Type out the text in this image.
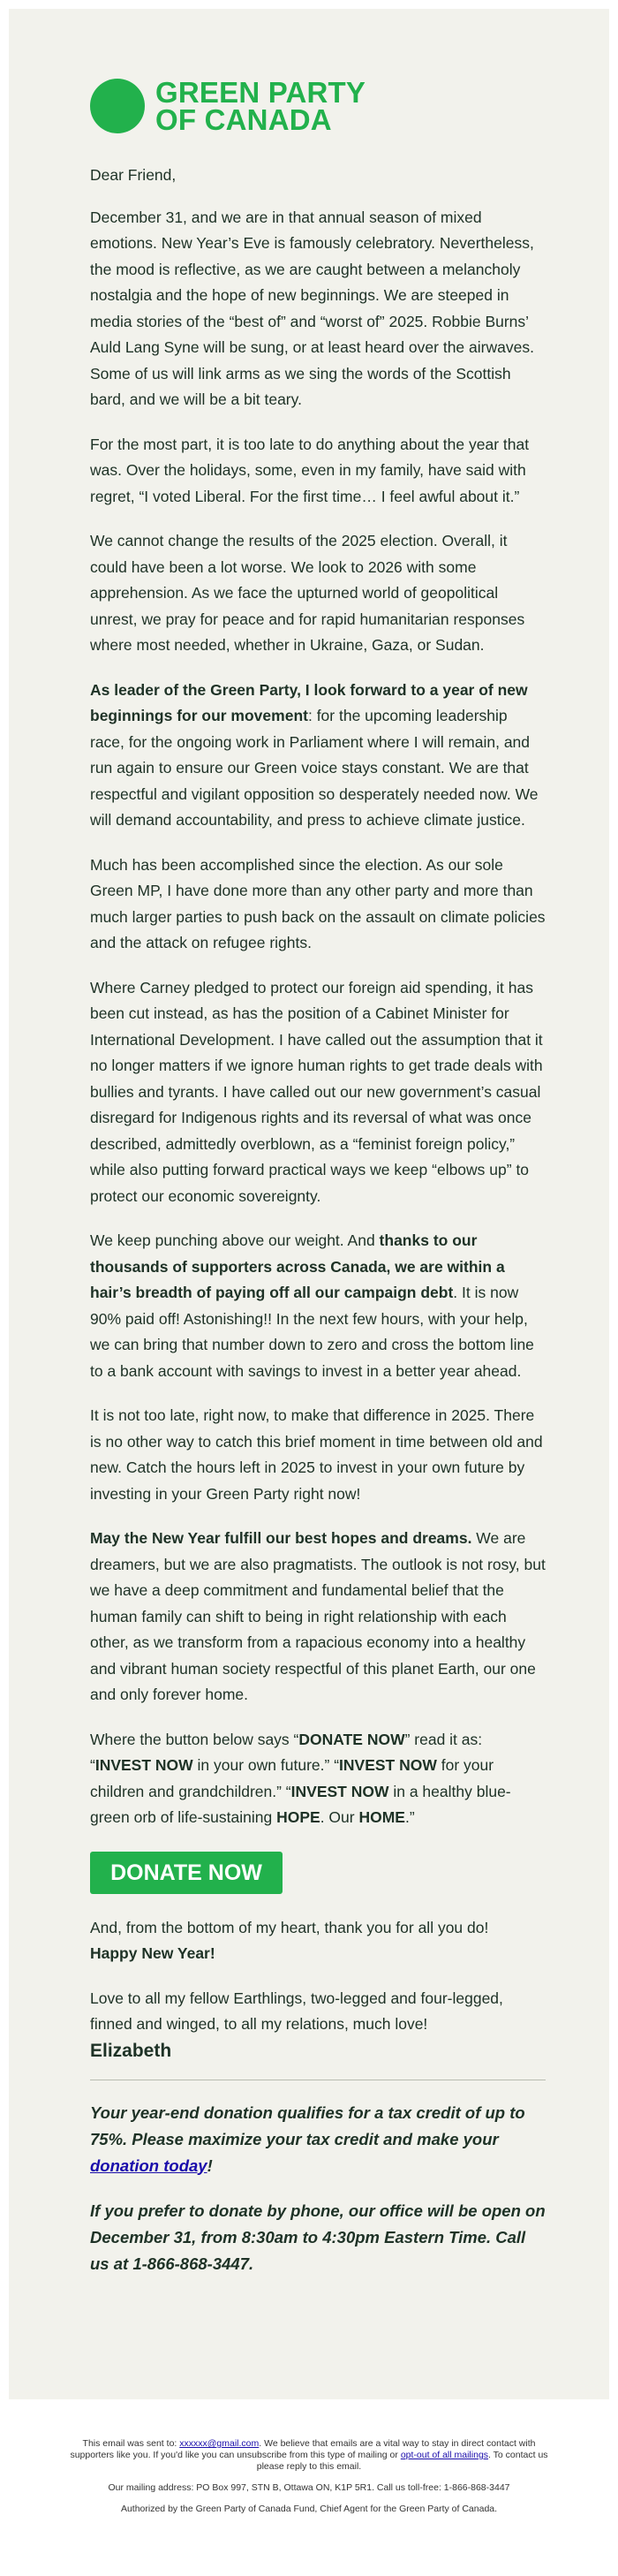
GREEN PARTY
OF CANADA

Dear Friend,

December 31, and we are in that annual season of mixed emotions. New Year’s Eve is famously celebratory. Nevertheless, the mood is reflective, as we are caught between a melancholy nostalgia and the hope of new beginnings. We are steeped in media stories of the “best of” and “worst of” 2025. Robbie Burns’ Auld Lang Syne will be sung, or at least heard over the airwaves. Some of us will link arms as we sing the words of the Scottish bard, and we will be a bit teary.

For the most part, it is too late to do anything about the year that was. Over the holidays, some, even in my family, have said with regret, “I voted Liberal. For the first time… I feel awful about it.”

We cannot change the results of the 2025 election. Overall, it could have been a lot worse. We look to 2026 with some apprehension. As we face the upturned world of geopolitical unrest, we pray for peace and for rapid humanitarian responses where most needed, whether in Ukraine, Gaza, or Sudan.

As leader of the Green Party, I look forward to a year of new beginnings for our movement: for the upcoming leadership race, for the ongoing work in Parliament where I will remain, and run again to ensure our Green voice stays constant. We are that respectful and vigilant opposition so desperately needed now. We will demand accountability, and press to achieve climate justice.

Much has been accomplished since the election. As our sole Green MP, I have done more than any other party and more than much larger parties to push back on the assault on climate policies and the attack on refugee rights.

Where Carney pledged to protect our foreign aid spending, it has been cut instead, as has the position of a Cabinet Minister for International Development. I have called out the assumption that it no longer matters if we ignore human rights to get trade deals with bullies and tyrants. I have called out our new government’s casual disregard for Indigenous rights and its reversal of what was once described, admittedly overblown, as a “feminist foreign policy,” while also putting forward practical ways we keep “elbows up” to protect our economic sovereignty.

We keep punching above our weight. And thanks to our thousands of supporters across Canada, we are within a hair’s breadth of paying off all our campaign debt. It is now 90% paid off! Astonishing!! In the next few hours, with your help, we can bring that number down to zero and cross the bottom line to a bank account with savings to invest in a better year ahead.

It is not too late, right now, to make that difference in 2025. There is no other way to catch this brief moment in time between old and new. Catch the hours left in 2025 to invest in your own future by investing in your Green Party right now!

May the New Year fulfill our best hopes and dreams. We are dreamers, but we are also pragmatists. The outlook is not rosy, but we have a deep commitment and fundamental belief that the human family can shift to being in right relationship with each other, as we transform from a rapacious economy into a healthy and vibrant human society respectful of this planet Earth, our one and only forever home.

Where the button below says “DONATE NOW” read it as: “INVEST NOW in your own future.” “INVEST NOW for your children and grandchildren.” “INVEST NOW in a healthy blue-green orb of life-sustaining HOPE. Our HOME.”

DONATE NOW

And, from the bottom of my heart, thank you for all you do!
Happy New Year!

Love to all my fellow Earthlings, two-legged and four-legged, finned and winged, to all my relations, much love!

Elizabeth

Your year-end donation qualifies for a tax credit of up to 75%. Please maximize your tax credit and make your donation today!

If you prefer to donate by phone, our office will be open on December 31, from 8:30am to 4:30pm Eastern Time. Call us at 1-866-868-3447.

This email was sent to: xxxxxx@gmail.com. We believe that emails are a vital way to stay in direct contact with supporters like you. If you'd like you can unsubscribe from this type of mailing or opt-out of all mailings. To contact us please reply to this email.

Our mailing address: PO Box 997, STN B, Ottawa ON, K1P 5R1. Call us toll-free: 1-866-868-3447

Authorized by the Green Party of Canada Fund, Chief Agent for the Green Party of Canada.
